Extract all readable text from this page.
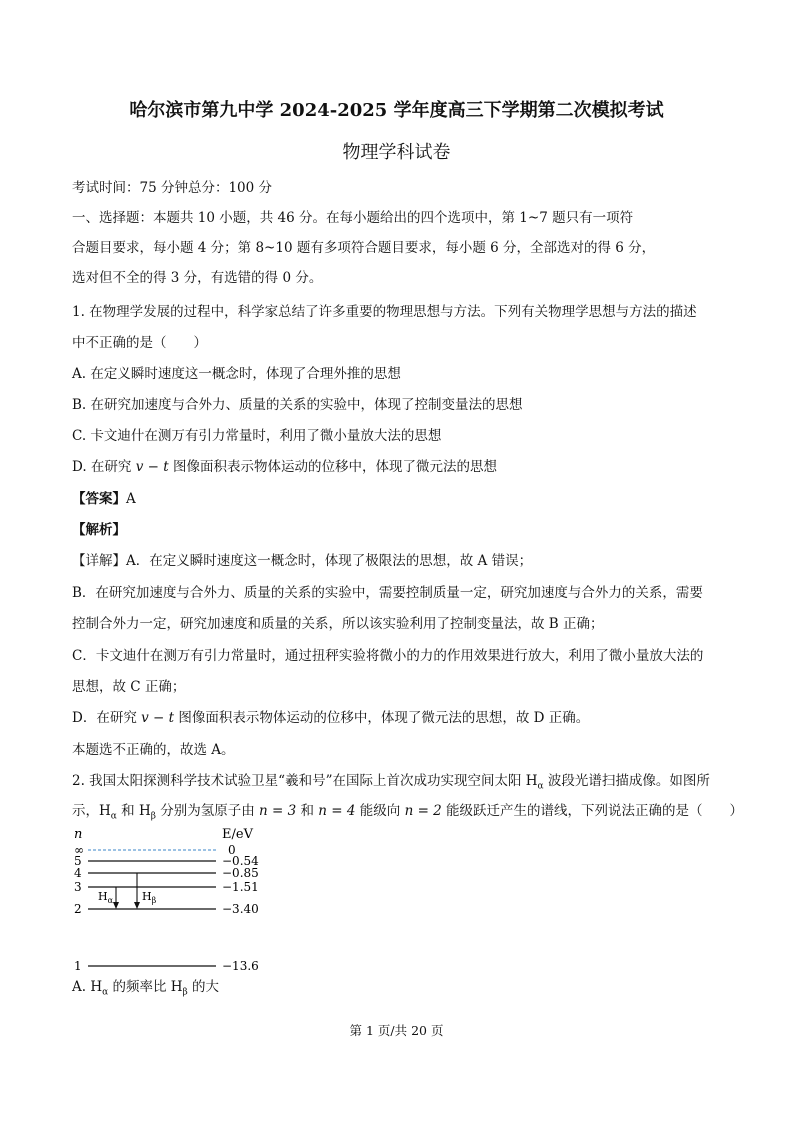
哈尔滨市第九中学 2024-2025 学年度高三下学期第二次模拟考试
物理学科试卷
考试时间：75 分钟总分：100 分
一、选择题：本题共 10 小题，共 46 分。在每小题给出的四个选项中，第 1~7 题只有一项符
合题目要求，每小题 4 分；第 8~10 题有多项符合题目要求，每小题 6 分，全部选对的得 6 分，
选对但不全的得 3 分，有选错的得 0 分。
1. 在物理学发展的过程中，科学家总结了许多重要的物理思想与方法。下列有关物理学思想与方法的描述
中不正确的是（　　）
A. 在定义瞬时速度这一概念时，体现了合理外推的思想
B. 在研究加速度与合外力、质量的关系的实验中，体现了控制变量法的思想
C. 卡文迪什在测万有引力常量时，利用了微小量放大法的思想
D. 在研究 v − t 图像面积表示物体运动的位移中，体现了微元法的思想
【答案】A
【解析】
【详解】A．在定义瞬时速度这一概念时，体现了极限法的思想，故 A 错误；
B．在研究加速度与合外力、质量的关系的实验中，需要控制质量一定，研究加速度与合外力的关系，需要
控制合外力一定，研究加速度和质量的关系，所以该实验利用了控制变量法，故 B 正确；
C．卡文迪什在测万有引力常量时，通过扭秤实验将微小的力的作用效果进行放大，利用了微小量放大法的
思想，故 C 正确；
D．在研究 v − t 图像面积表示物体运动的位移中，体现了微元法的思想，故 D 正确。
本题选不正确的，故选 A。
2. 我国太阳探测科学技术试验卫星“羲和号”在国际上首次成功实现空间太阳 $H_\alpha$ 波段光谱扫描成像。如图所
示，$H_\alpha$ 和 $H_\beta$ 分别为氢原子由 n = 3 和 n = 4 能级向 n = 2 能级跃迁产生的谱线，下列说法正确的是（　　）
n	E/eV
∞	0
5	−0.54
4	−0.85
3	−1.51
2	−3.40
1	−13.6
$H_\alpha$	$H_\beta$
A. $H_\alpha$ 的频率比 $H_\beta$ 的大
第 1 页/共 20 页
